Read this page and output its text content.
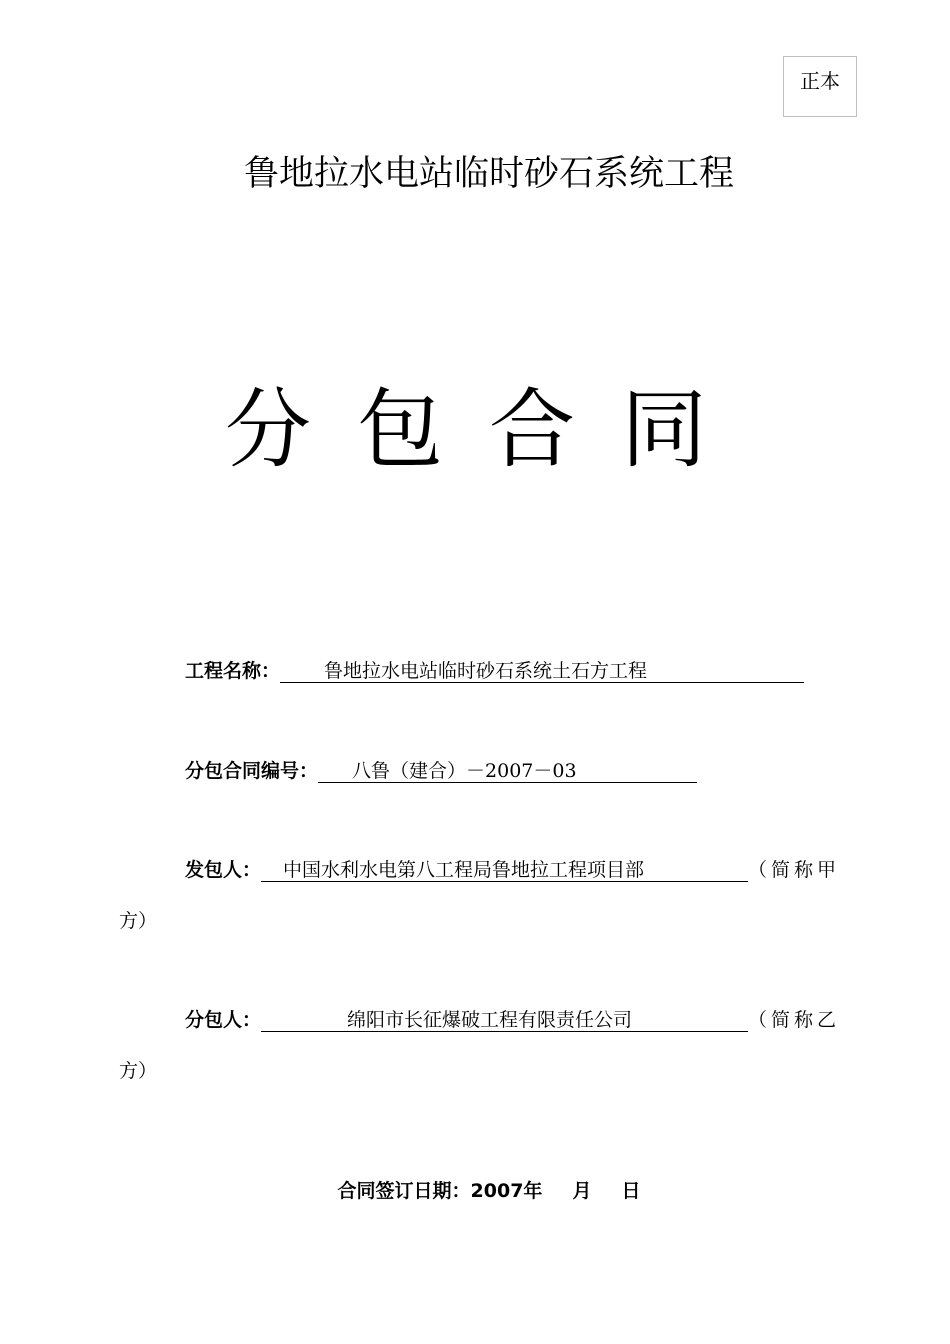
正本
鲁地拉水电站临时砂石系统工程
分包合同
工程名称： 鲁地拉水电站临时砂石系统土石方工程
分包合同编号： 八鲁（建合）－2007－03
发包人： 中国水利水电第八工程局鲁地拉工程项目部	（简称甲
方）
分包人：	绵阳市长征爆破工程有限责任公司	（简称乙
方）
合同签订日期：2007年 月 日
